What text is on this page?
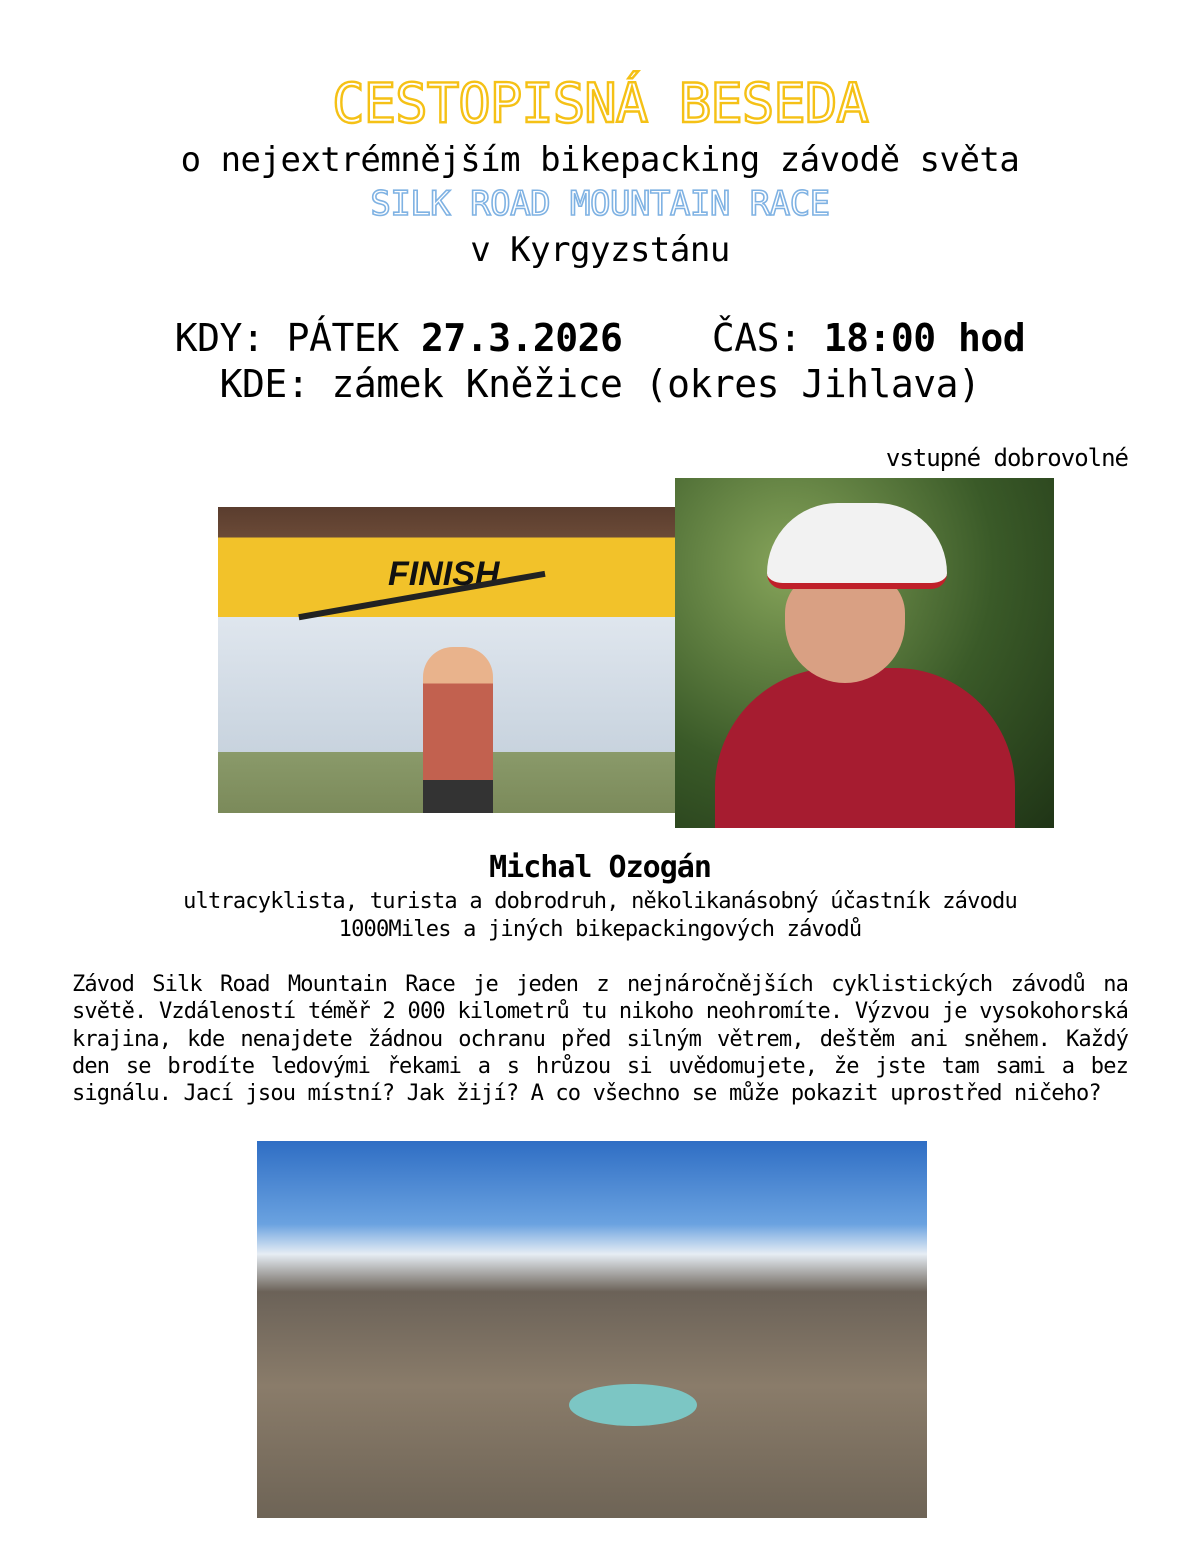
CESTOPISNÁ BESEDA
o nejextrémnějším bikepacking závodě světa
SILK ROAD MOUNTAIN RACE
v Kyrgyzstánu
KDY: PÁTEK 27.3.2026    ČAS: 18:00 hod
KDE: zámek Kněžice (okres Jihlava)
vstupné dobrovolné
FINISH
Michal Ozogán
ultracyklista, turista a dobrodruh, několikanásobný účastník závodu
1000Miles a jiných bikepackingových závodů

Závod Silk Road Mountain Race je jeden z nejnáročnějších cyklistických závodů na světě. Vzdáleností téměř 2 000 kilometrů tu nikoho neohromíte. Výzvou je vysokohorská krajina, kde nenajdete žádnou ochranu před silným větrem, deštěm ani sněhem. Každý den se brodíte ledovými řekami a s hrůzou si uvědomujete, že jste tam sami a bez signálu. Jací jsou místní? Jak žijí? A co všechno se může pokazit uprostřed ničeho?
